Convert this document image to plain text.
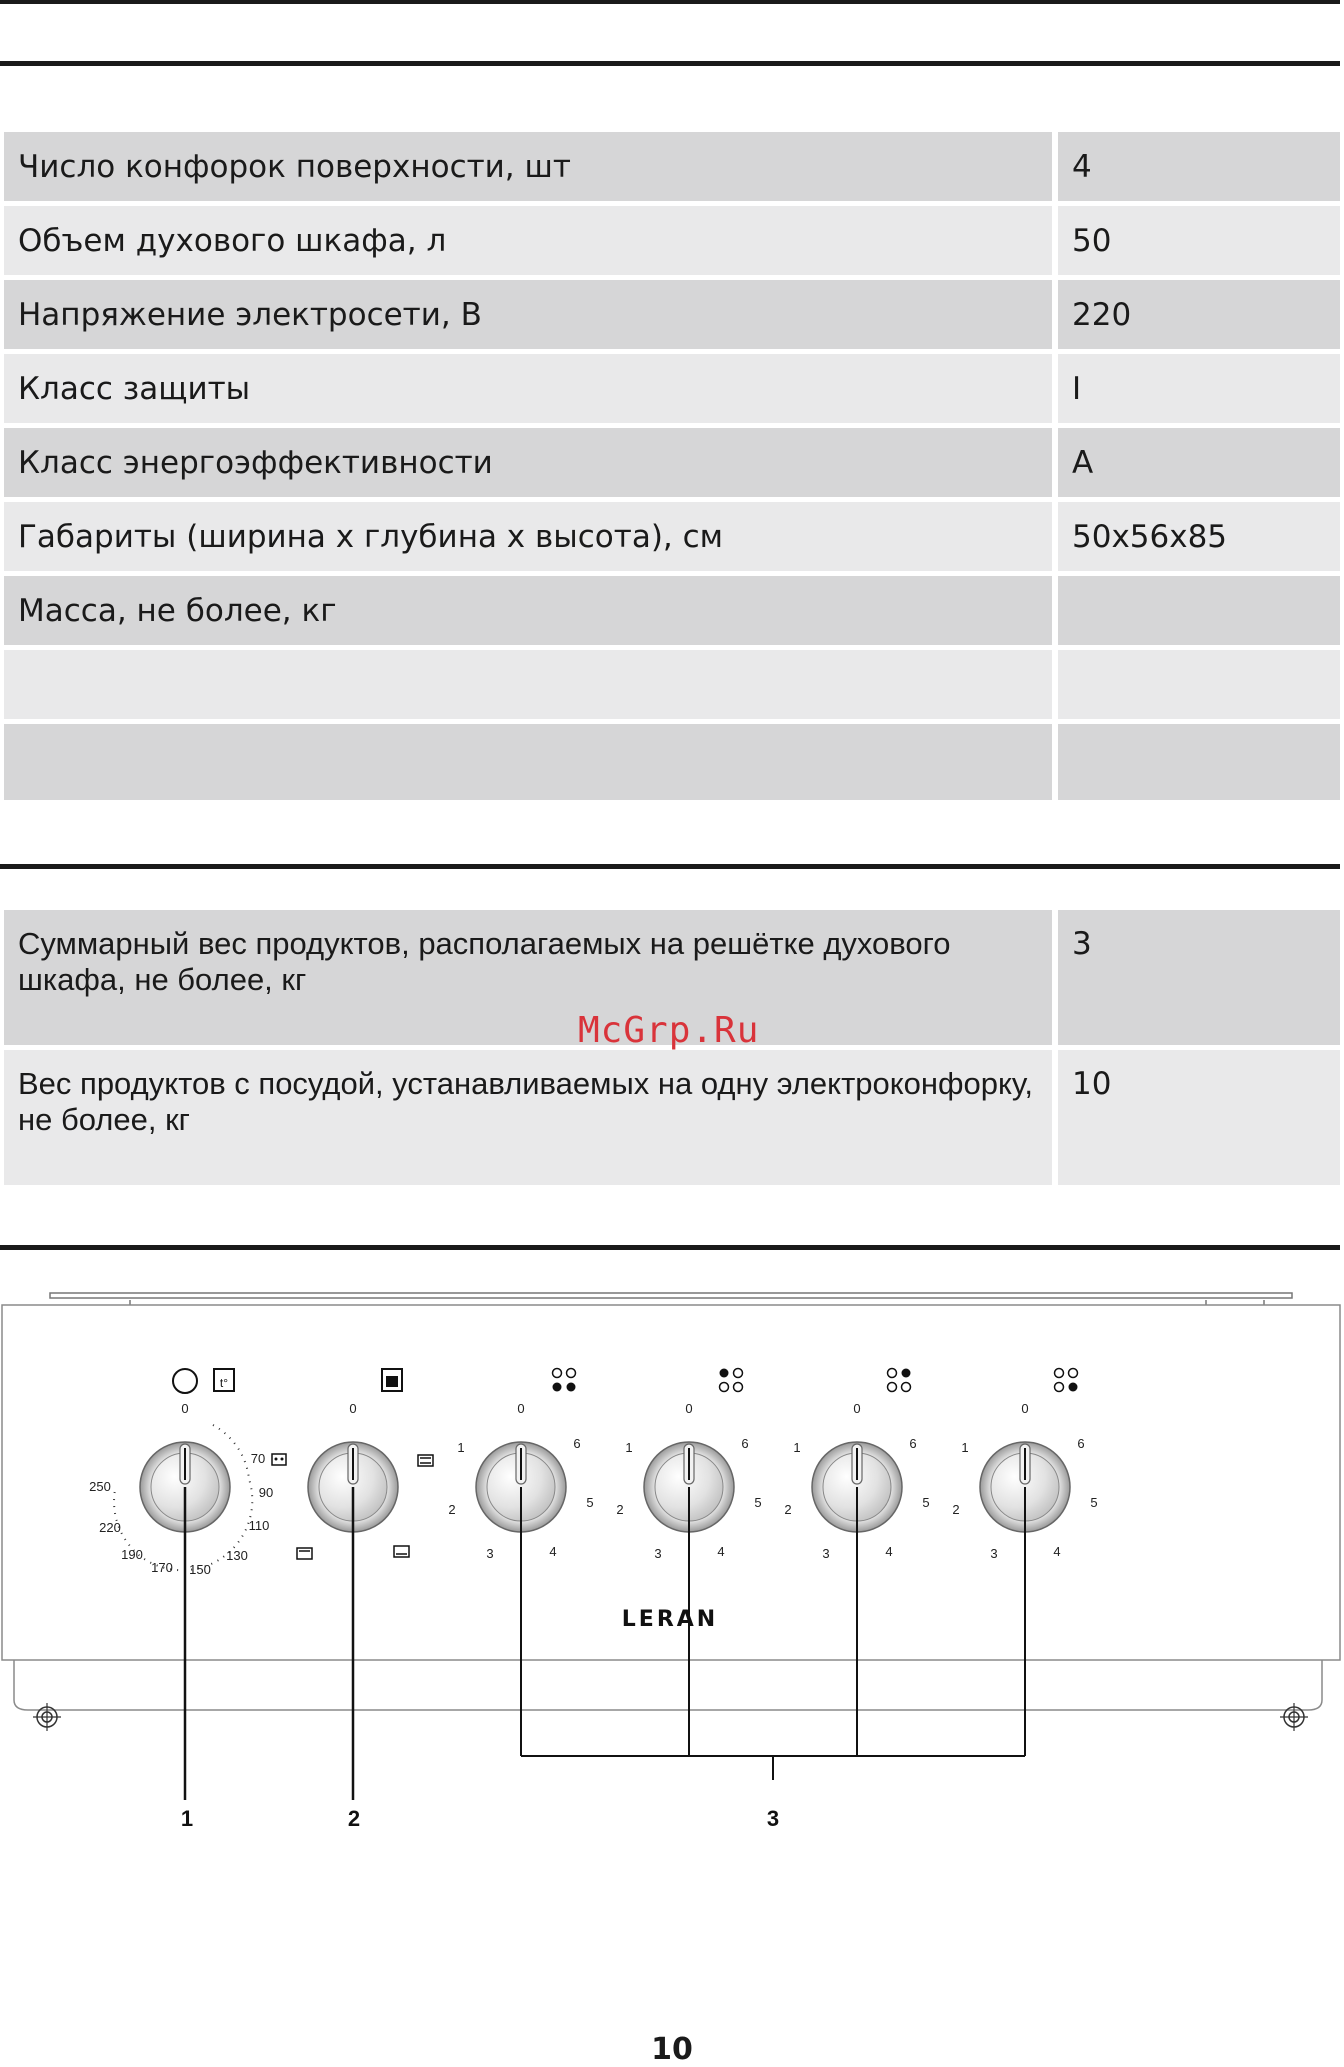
Число конфорок поверхности, шт	4
Объем духового шкафа, л	50
Напряжение электросети, В	220
Класс защиты	I
Класс энергоэффективности	А
Габариты (ширина х глубина х высота), см	50х56х85
Масса, не более, кг	

Суммарный вес продуктов, располагаемых на решётке духового шкафа, не более, кг	3
Вес продуктов с посудой, устанавливаемых на одну электроконфорку, не более, кг	10
McGrp.Ru
t°
0
70
90
110
130
150
170
190
220
250
0	0
1
2
3	4
5
6
0
1
2
3	4
5
6
0
1
2
3	4
5
6
0
1
2
3	4
5
6
LERAN
1	2	3
10
